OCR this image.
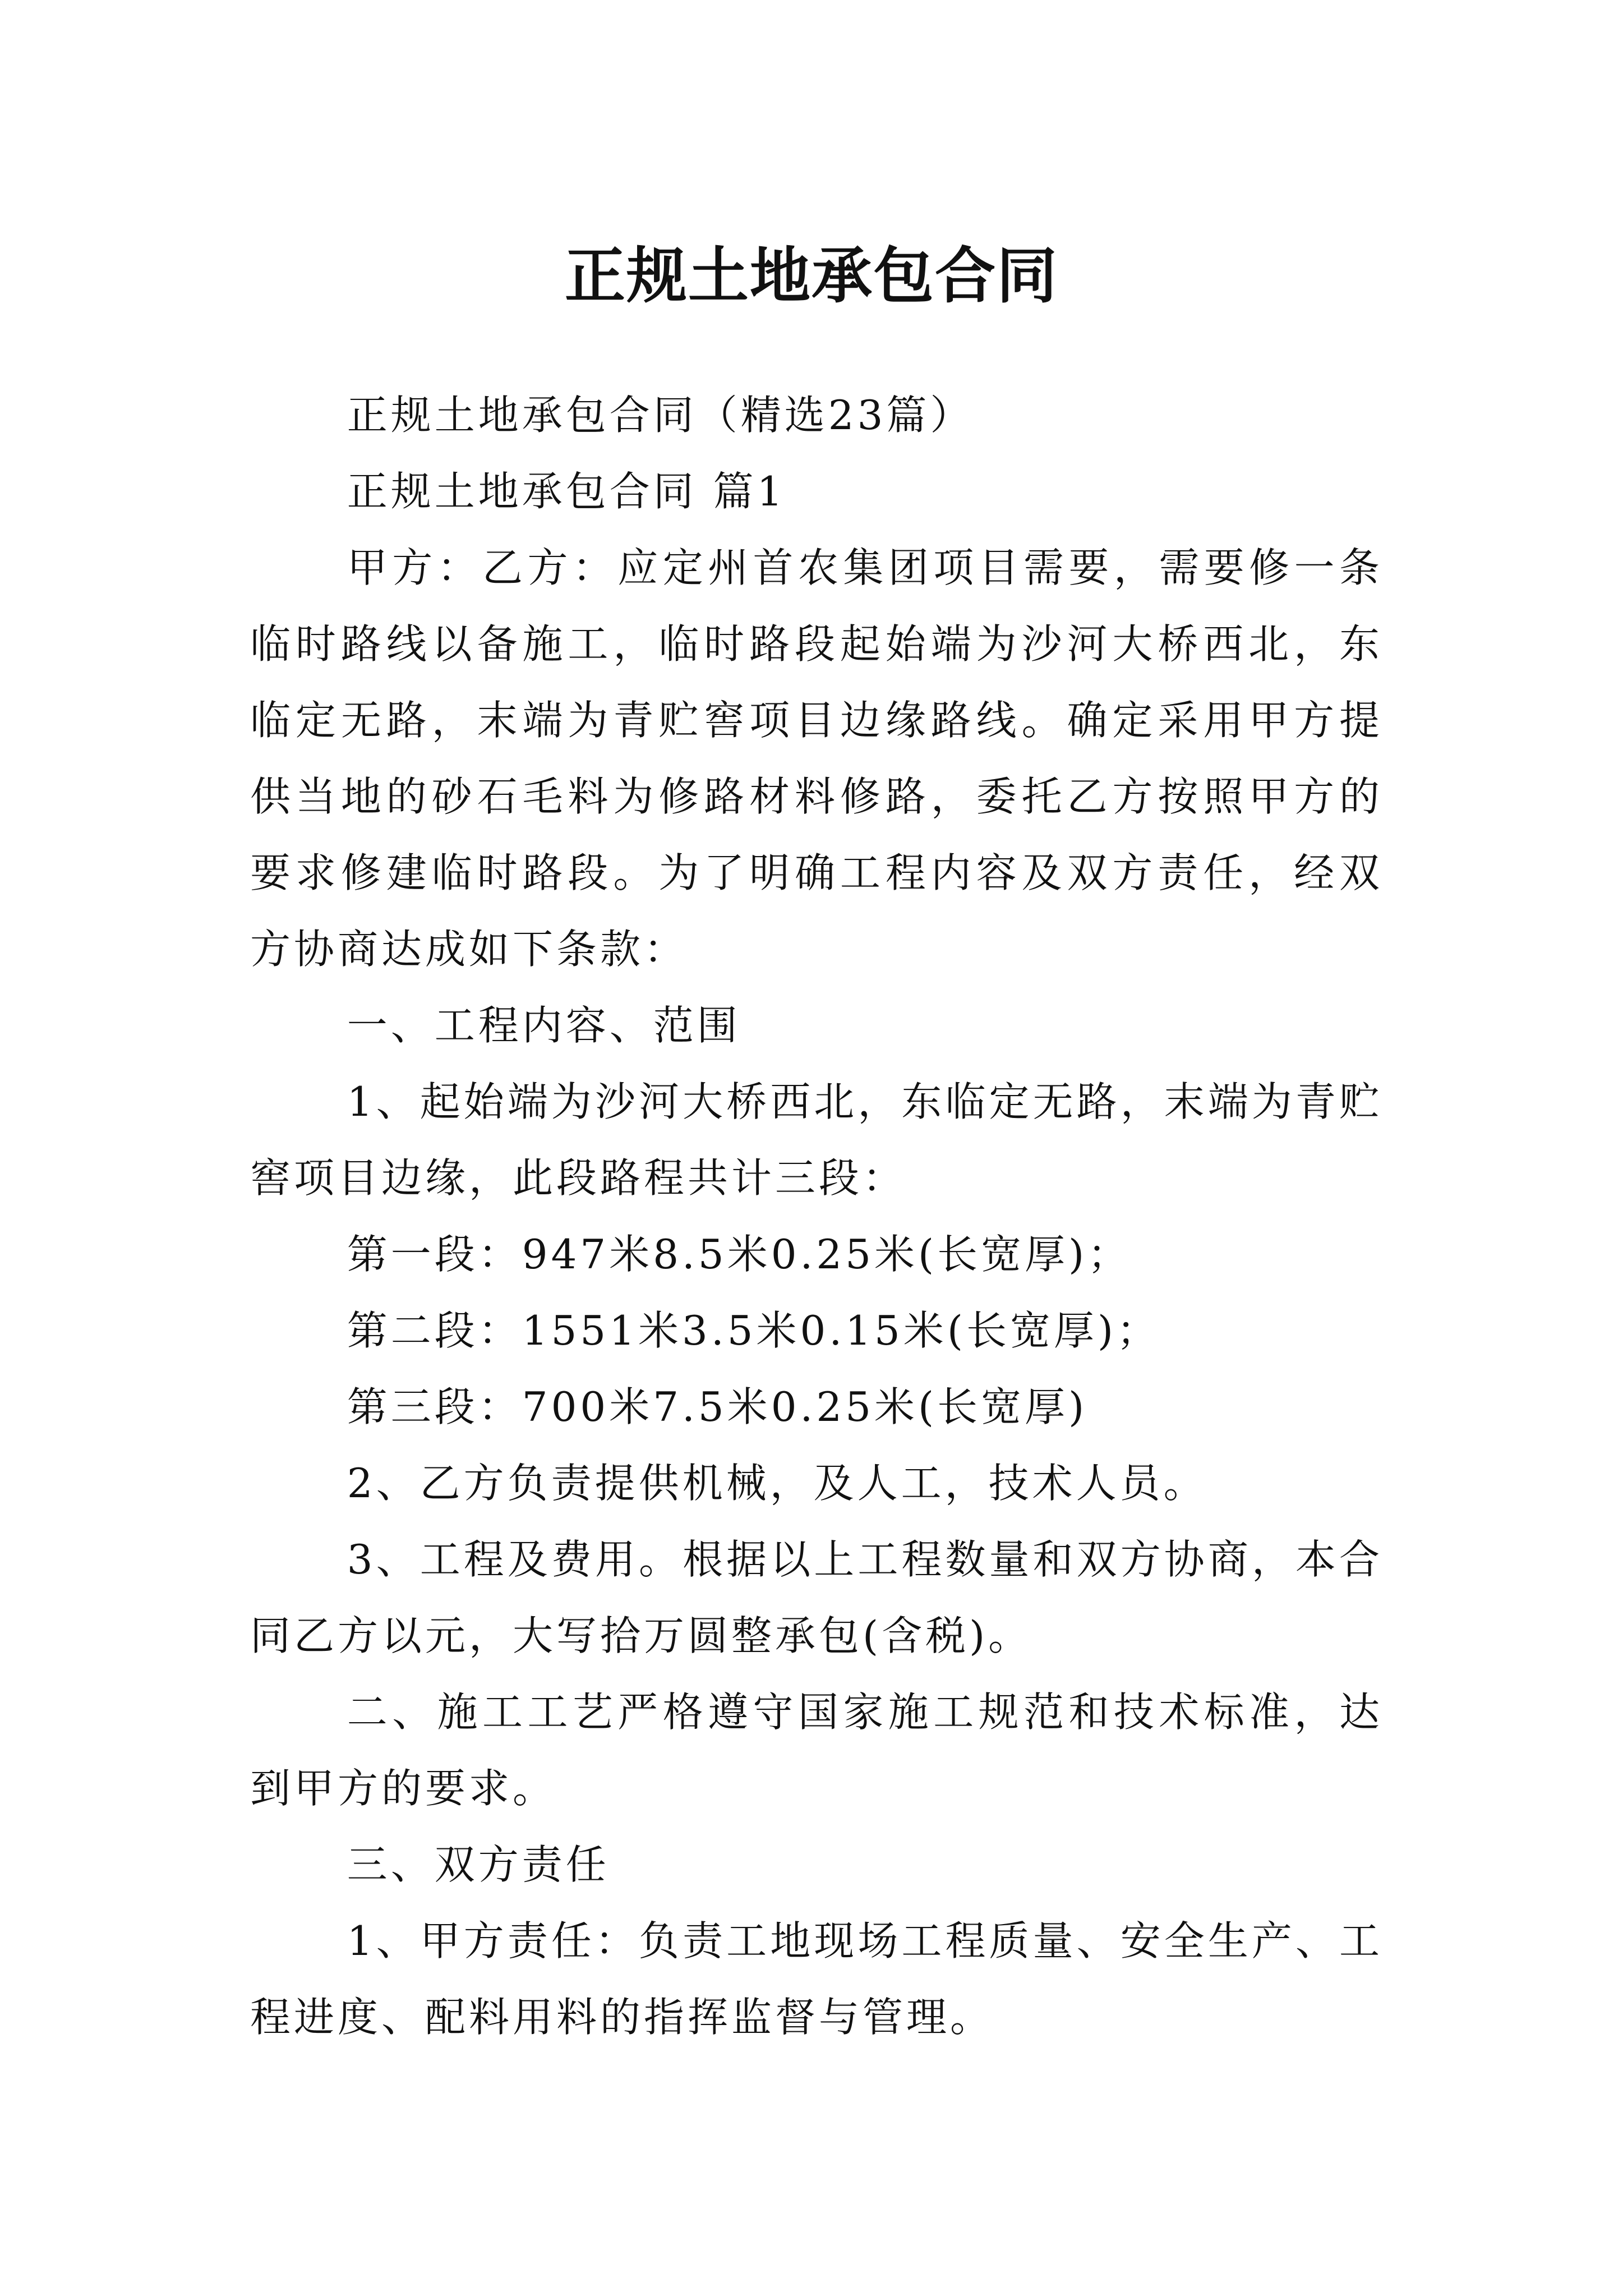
正规土地承包合同

正规土地承包合同（精选23篇）

正规土地承包合同 篇1

甲方：乙方：应定州首农集团项目需要，需要修一条临时路线以备施工，临时路段起始端为沙河大桥西北，东临定无路，末端为青贮窖项目边缘路线。确定采用甲方提供当地的砂石毛料为修路材料修路，委托乙方按照甲方的要求修建临时路段。为了明确工程内容及双方责任，经双方协商达成如下条款：

一、工程内容、范围

1、起始端为沙河大桥西北，东临定无路，末端为青贮窖项目边缘，此段路程共计三段：

第一段：947米8.5米0.25米(长宽厚)；

第二段：1551米3.5米0.15米(长宽厚)；

第三段：700米7.5米0.25米(长宽厚)

2、乙方负责提供机械，及人工，技术人员。

3、工程及费用。根据以上工程数量和双方协商，本合同乙方以元，大写拾万圆整承包(含税)。

二、施工工艺严格遵守国家施工规范和技术标准，达到甲方的要求。

三、双方责任

1、甲方责任：负责工地现场工程质量、安全生产、工程进度、配料用料的指挥监督与管理。
